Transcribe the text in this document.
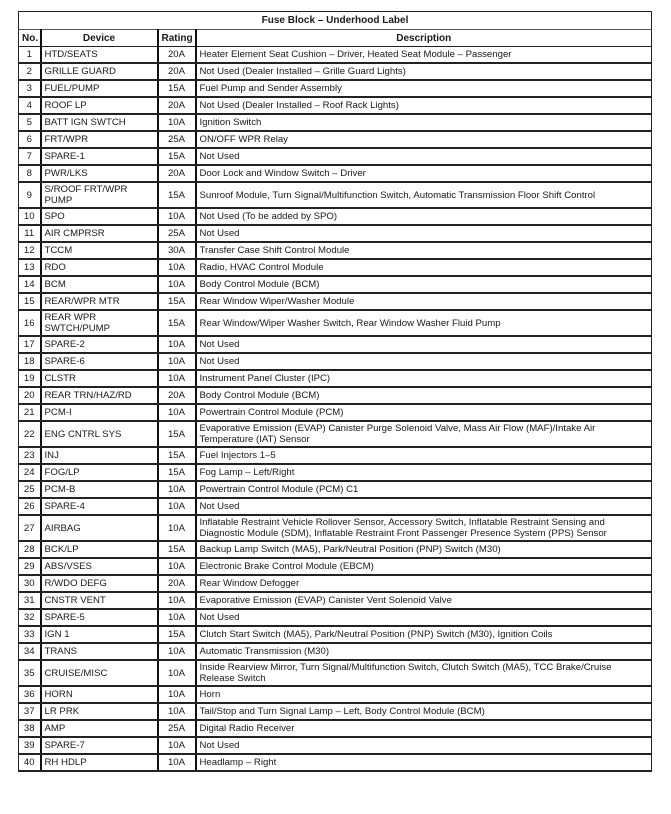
Fuse Block – Underhood Label			
No.	Device	Rating	Description
1	HTD/SEATS	20A	Heater Element Seat Cushion – Driver, Heated Seat Module – Passenger
2	GRILLE GUARD	20A	Not Used (Dealer Installed – Grille Guard Lights)
3	FUEL/PUMP	15A	Fuel Pump and Sender Assembly
4	ROOF LP	20A	Not Used (Dealer Installed – Roof Rack Lights)
5	BATT IGN SWTCH	10A	Ignition Switch
6	FRT/WPR	25A	ON/OFF WPR Relay
7	SPARE-1	15A	Not Used
8	PWR/LKS	20A	Door Lock and Window Switch – Driver
9	S/ROOF FRT/WPR PUMP	15A	Sunroof Module, Turn Signal/Multifunction Switch, Automatic Transmission Floor Shift Control
10	SPO	10A	Not Used (To be added by SPO)
11	AIR CMPRSR	25A	Not Used
12	TCCM	30A	Transfer Case Shift Control Module
13	RDO	10A	Radio, HVAC Control Module
14	BCM	10A	Body Control Module (BCM)
15	REAR/WPR MTR	15A	Rear Window Wiper/Washer Module
16	REAR WPR SWTCH/PUMP	15A	Rear Window/Wiper Washer Switch, Rear Window Washer Fluid Pump
17	SPARE-2	10A	Not Used
18	SPARE-6	10A	Not Used
19	CLSTR	10A	Instrument Panel Cluster (IPC)
20	REAR TRN/HAZ/RD	20A	Body Control Module (BCM)
21	PCM-I	10A	Powertrain Control Module (PCM)
22	ENG CNTRL SYS	15A	Evaporative Emission (EVAP) Canister Purge Solenoid Valve, Mass Air Flow (MAF)/Intake Air Temperature (IAT) Sensor
23	INJ	15A	Fuel Injectors 1–5
24	FOG/LP	15A	Fog Lamp – Left/Right
25	PCM-B	10A	Powertrain Control Module (PCM) C1
26	SPARE-4	10A	Not Used
27	AIRBAG	10A	Inflatable Restraint Vehicle Rollover Sensor, Accessory Switch, Inflatable Restraint Sensing and Diagnostic Module (SDM), Inflatable Restraint Front Passenger Presence System (PPS) Sensor
28	BCK/LP	15A	Backup Lamp Switch (MA5), Park/Neutral Position (PNP) Switch (M30)
29	ABS/VSES	10A	Electronic Brake Control Module (EBCM)
30	R/WDO DEFG	20A	Rear Window Defogger
31	CNSTR VENT	10A	Evaporative Emission (EVAP) Canister Vent Solenoid Valve
32	SPARE-5	10A	Not Used
33	IGN 1	15A	Clutch Start Switch (MA5), Park/Neutral Position (PNP) Switch (M30), Ignition Coils
34	TRANS	10A	Automatic Transmission (M30)
35	CRUISE/MISC	10A	Inside Rearview Mirror, Turn Signal/Multifunction Switch, Clutch Switch (MA5), TCC Brake/Cruise Release Switch
36	HORN	10A	Horn
37	LR PRK	10A	Tail/Stop and Turn Signal Lamp – Left, Body Control Module (BCM)
38	AMP	25A	Digital Radio Receiver
39	SPARE-7	10A	Not Used
40	RH HDLP	10A	Headlamp – Right
